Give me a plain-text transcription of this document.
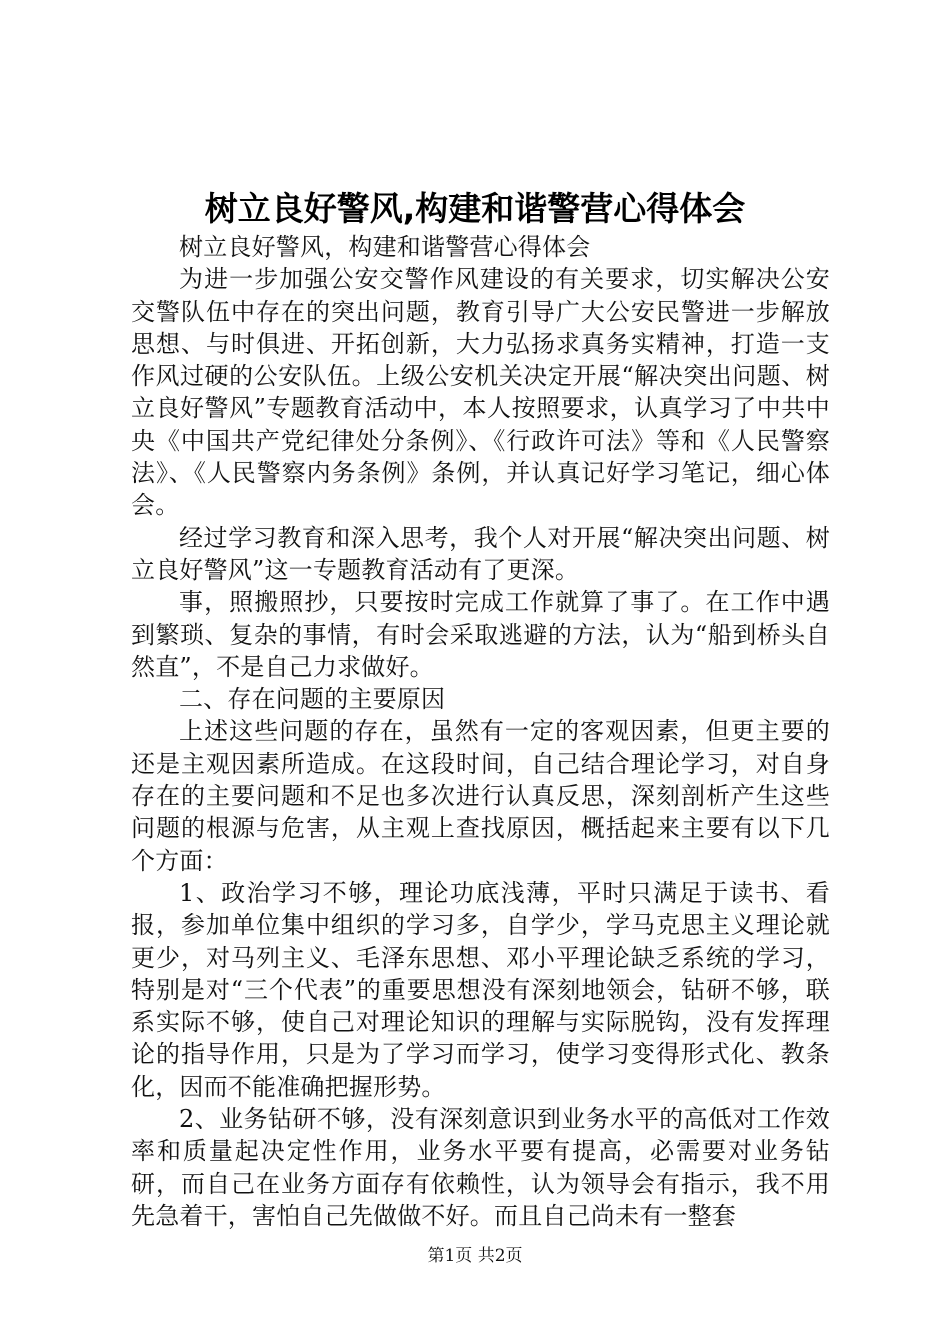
树立良好警风,构建和谐警营心得体会

树立良好警风，构建和谐警营心得体会

为进一步加强公安交警作风建设的有关要求，切实解决公安交警队伍中存在的突出问题，教育引导广大公安民警进一步解放思想、与时俱进、开拓创新，大力弘扬求真务实精神，打造一支作风过硬的公安队伍。上级公安机关决定开展“解决突出问题、树立良好警风”专题教育活动中，本人按照要求，认真学习了中共中央《中国共产党纪律处分条例》、《行政许可法》等和《人民警察法》、《人民警察内务条例》条例，并认真记好学习笔记，细心体会。

经过学习教育和深入思考，我个人对开展“解决突出问题、树立良好警风”这一专题教育活动有了更深。

事，照搬照抄，只要按时完成工作就算了事了。在工作中遇到繁琐、复杂的事情，有时会采取逃避的方法，认为“船到桥头自然直”，不是自己力求做好。

二、存在问题的主要原因

上述这些问题的存在，虽然有一定的客观因素，但更主要的还是主观因素所造成。在这段时间，自己结合理论学习，对自身存在的主要问题和不足也多次进行认真反思，深刻剖析产生这些问题的根源与危害，从主观上查找原因，概括起来主要有以下几个方面：

1、政治学习不够，理论功底浅薄，平时只满足于读书、看报，参加单位集中组织的学习多，自学少，学马克思主义理论就更少，对马列主义、毛泽东思想、邓小平理论缺乏系统的学习，特别是对“三个代表”的重要思想没有深刻地领会，钻研不够，联系实际不够，使自己对理论知识的理解与实际脱钩，没有发挥理论的指导作用，只是为了学习而学习，使学习变得形式化、教条化，因而不能准确把握形势。

2、业务钻研不够，没有深刻意识到业务水平的高低对工作效率和质量起决定性作用，业务水平要有提高，必需要对业务钻研，而自己在业务方面存有依赖性，认为领导会有指示，我不用先急着干，害怕自己先做做不好。而且自己尚未有一整套

第1页 共2页
